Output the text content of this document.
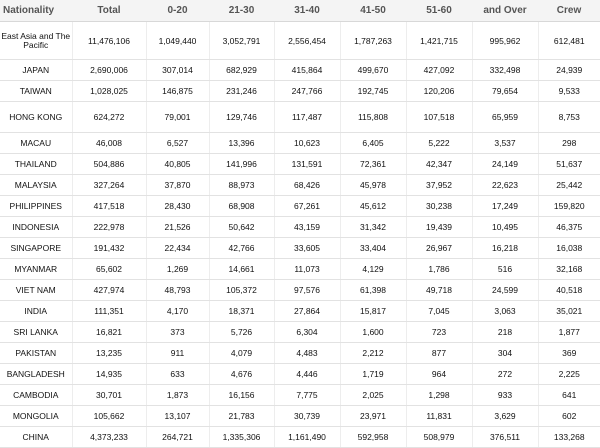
Nationality	Total	0-20	21-30	31-40	41-50	51-60	and Over	Crew
East Asia and The Pacific	11,476,106	1,049,440	3,052,791	2,556,454	1,787,263	1,421,715	995,962	612,481
JAPAN	2,690,006	307,014	682,929	415,864	499,670	427,092	332,498	24,939
TAIWAN	1,028,025	146,875	231,246	247,766	192,745	120,206	79,654	9,533
HONG KONG	624,272	79,001	129,746	117,487	115,808	107,518	65,959	8,753
MACAU	46,008	6,527	13,396	10,623	6,405	5,222	3,537	298
THAILAND	504,886	40,805	141,996	131,591	72,361	42,347	24,149	51,637
MALAYSIA	327,264	37,870	88,973	68,426	45,978	37,952	22,623	25,442
PHILIPPINES	417,518	28,430	68,908	67,261	45,612	30,238	17,249	159,820
INDONESIA	222,978	21,526	50,642	43,159	31,342	19,439	10,495	46,375
SINGAPORE	191,432	22,434	42,766	33,605	33,404	26,967	16,218	16,038
MYANMAR	65,602	1,269	14,661	11,073	4,129	1,786	516	32,168
VIET NAM	427,974	48,793	105,372	97,576	61,398	49,718	24,599	40,518
INDIA	111,351	4,170	18,371	27,864	15,817	7,045	3,063	35,021
SRI LANKA	16,821	373	5,726	6,304	1,600	723	218	1,877
PAKISTAN	13,235	911	4,079	4,483	2,212	877	304	369
BANGLADESH	14,935	633	4,676	4,446	1,719	964	272	2,225
CAMBODIA	30,701	1,873	16,156	7,775	2,025	1,298	933	641
MONGOLIA	105,662	13,107	21,783	30,739	23,971	11,831	3,629	602
CHINA	4,373,233	264,721	1,335,306	1,161,490	592,958	508,979	376,511	133,268
